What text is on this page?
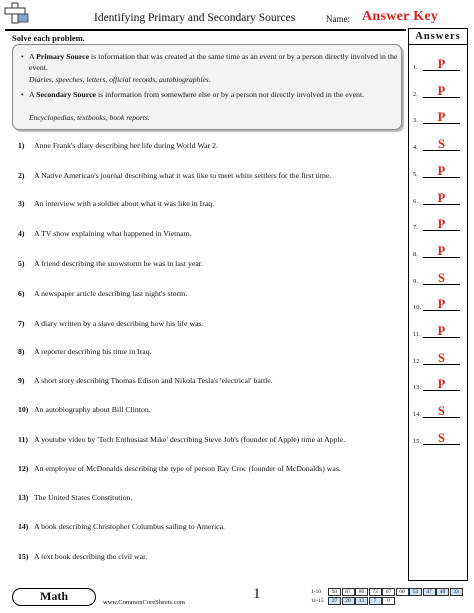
Identifying Primary and Secondary Sources	Name: Answer Key
Answers
1.	P
2.	P
3.	P
4.	S
5.	P
6.	P
7.	P
8.	P
9.	S
10.	P
11.	P
12.	S
13.	P
14.	S
15.	S
Solve each problem.
• A Primary Source is information that was created at the same time as an event or by a person directly involved in the event.
Diaries, speeches, letters, official records, autobiographies.
• A Secondary Source is information from somewhere else or by a person not directly involved in the event.
Encyclopedias, textbooks, book reports.
1)	Anne Frank's diary describing her life during World War 2.
2)	A Native American's journal describing what it was like to meet white settlers for the first time.
3)	An interview with a soldier about what it was like in Iraq.
4)	A TV show explaining what happened in Vietnam.
5)	A friend describing the snowstorm he was in last year.
6)	A newspaper article describing last night's storm.
7)	A diary written by a slave describing how his life was.
8)	A reporter describing his time in Iraq.
9)	A short story describing Thomas Edison and Nikola Tesla's 'electrical' battle.
10) An autobiography about Bill Clinton.
11) A youtube video by 'Tech Enthusiast Mike' describing Steve Job's (founder of Apple) time at Apple.
12) An employee of McDonalds describing the type of person Ray Croc (founder of McDonalds) was.
13) The United States Constitution.
14) A book describing Christopher Columbus sailing to America.
15) A text book describing the civil war.
Math	www.CommonCoreSheets.com
1	1-10	93	87	80	73	67	60	53	47	40	33
11-15	27	20	13	7	0
